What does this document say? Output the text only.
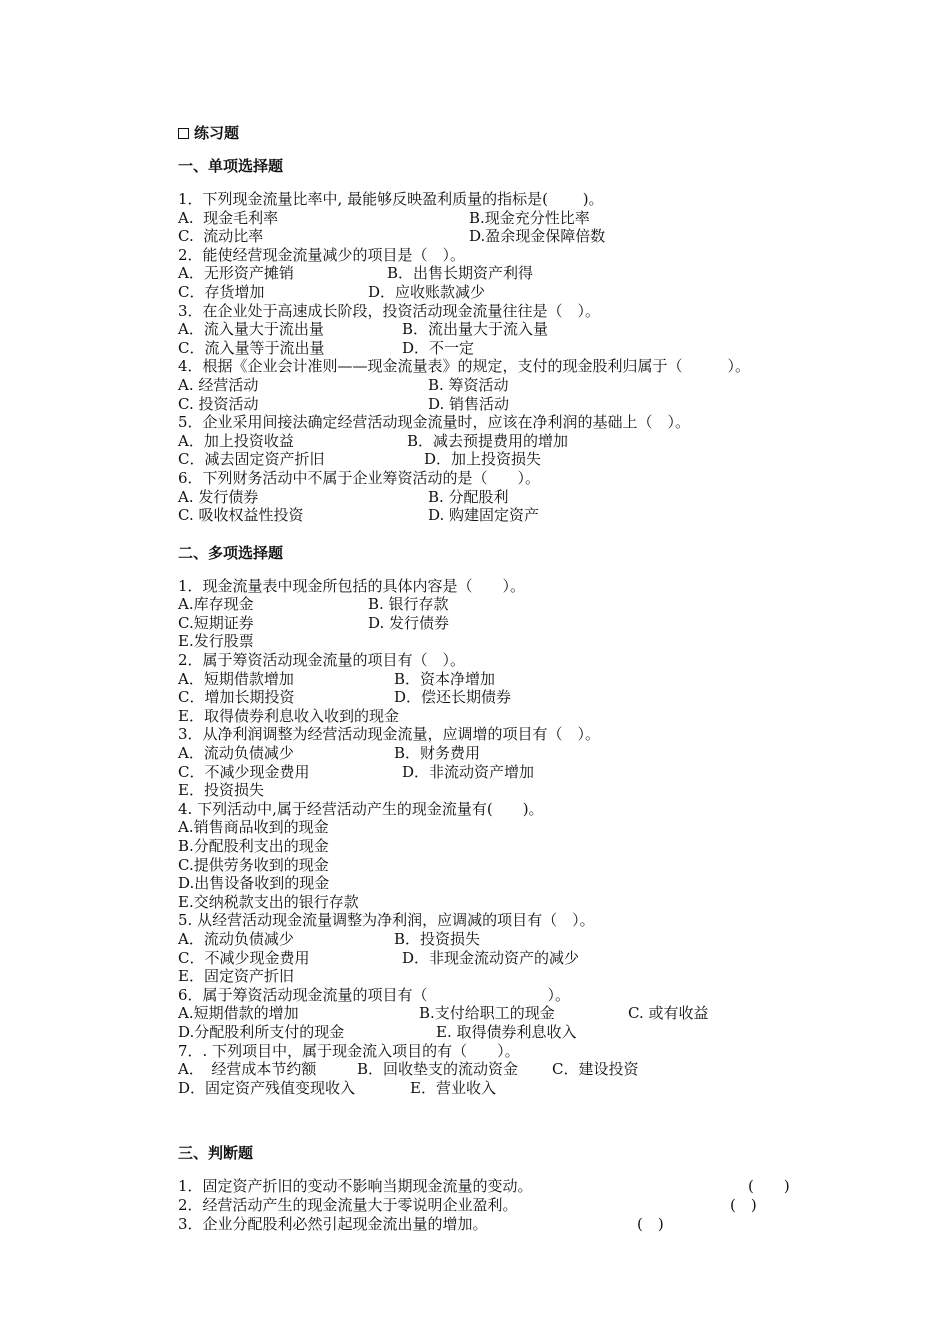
练习题
一、单项选择题
1．下列现金流量比率中, 最能够反映盈利质量的指标是(　　 )。
A.  现金毛利率	B.现金充分性比率
C.  流动比率	D.盈余现金保障倍数
2．能使经营现金流量减少的项目是（　）。
A．无形资产摊销	B．出售长期资产利得
C．存货增加	D．应收账款减少
3．在企业处于高速成长阶段，投资活动现金流量往往是（　）。
A．流入量大于流出量	B．流出量大于流入量
C．流入量等于流出量	D．不一定
4．根据《企业会计准则——现金流量表》的规定，支付的现金股利归属于（　　　）。
A. 经营活动	B. 筹资活动
C. 投资活动	D. 销售活动
5．企业采用间接法确定经营活动现金流量时，应该在净利润的基础上（　）。
A．加上投资收益	B．减去预提费用的增加
C．减去固定资产折旧	D．加上投资损失
6．下列财务活动中不属于企业筹资活动的是（　　）。
A. 发行债券	B. 分配股利
C. 吸收权益性投资	D. 购建固定资产
二、多项选择题
1．现金流量表中现金所包括的具体内容是（　　）。
A.库存现金	B. 银行存款
C.短期证券	D. 发行债券
E.发行股票
2．属于筹资活动现金流量的项目有（　）。
A．短期借款增加	B．资本净增加
C．增加长期投资	D．偿还长期债券
E．取得债券利息收入收到的现金
3．从净利润调整为经营活动现金流量，应调增的项目有（　）。
A．流动负债减少	B．财务费用
C．不减少现金费用	D．非流动资产增加
E．投资损失
4. 下列活动中,属于经营活动产生的现金流量有(　　)。
A.销售商品收到的现金
B.分配股利支出的现金
C.提供劳务收到的现金
D.出售设备收到的现金
E.交纳税款支出的银行存款
5. 从经营活动现金流量调整为净利润，应调减的项目有（　）。
A．流动负债减少	B．投资损失
C．不减少现金费用	D．非现金流动资产的减少
E．固定资产折旧
6．属于筹资活动现金流量的项目有（　　　　　　　　）。
A.短期借款的增加	B.支付给职工的现金	C. 或有收益
D.分配股利所支付的现金	E. 取得债券利息收入
7．. 下列项目中，属于现金流入项目的有（　　）。
A．　经营成本节约额	B．回收垫支的流动资金 C．建设投资
D．固定资产残值变现收入	E．营业收入
三、判断题
1．固定资产折旧的变动不影响当期现金流量的变动。	(　　)
2．经营活动产生的现金流量大于零说明企业盈利。	(　)
3．企业分配股利必然引起现金流出量的增加。	(　)
